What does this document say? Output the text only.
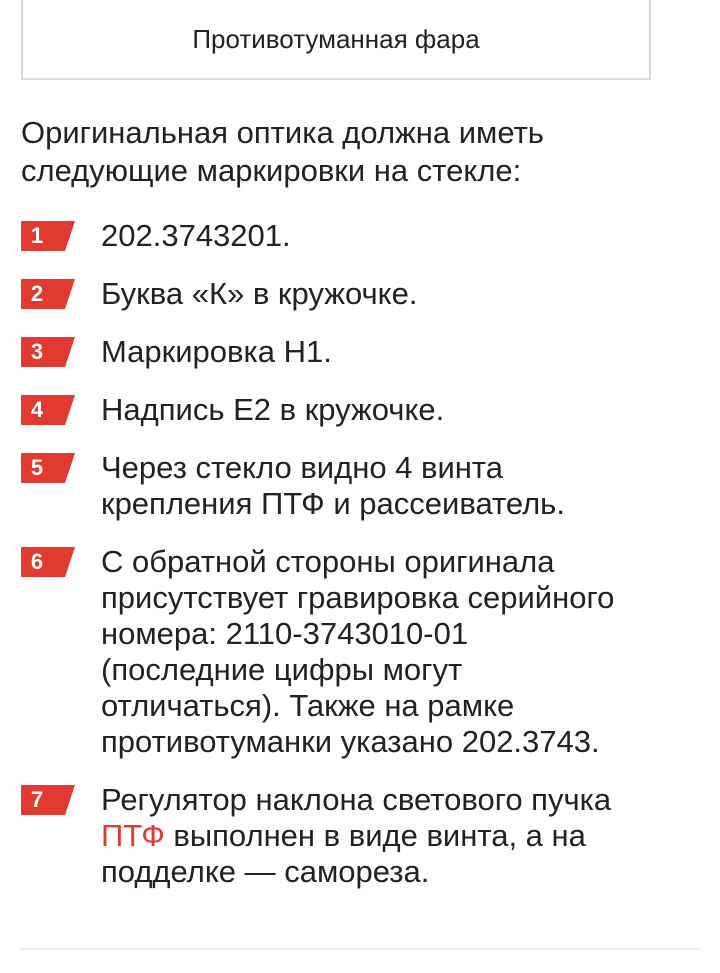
Противотуманная фара
Оригинальная оптика должна иметь следующие маркировки на стекле:
1	202.3743201.
2	Буква «К» в кружочке.
3	Маркировка Н1.
4	Надпись Е2 в кружочке.
5	Через стекло видно 4 винта
крепления ПТФ и рассеиватель.
6	С обратной стороны оригинала
присутствует гравировка серийного
номера: 2110-3743010-01
(последние цифры могут
отличаться). Также на рамке
противотуманки указано 202.3743.
7	Регулятор наклона светового пучка
ПТФ выполнен в виде винта, а на
подделке — самореза.
